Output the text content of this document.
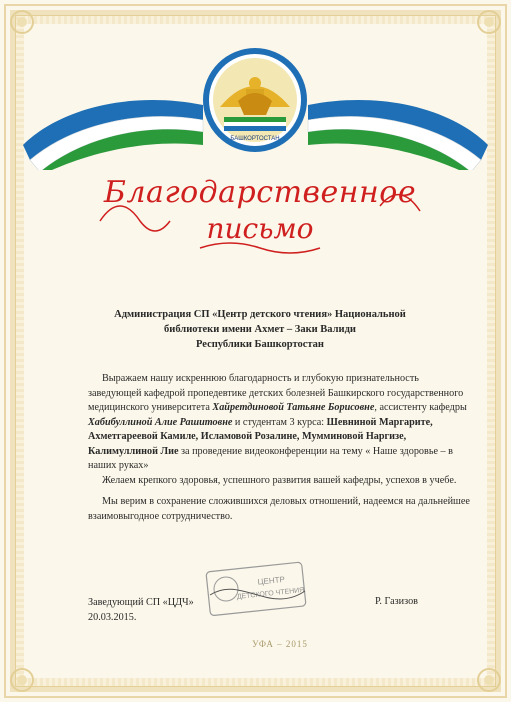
БАШКОРТОСТАН
Благодарственное
письмо
Администрация СП «Центр детского чтения» Национальной
библиотеки имени Ахмет – Заки Валиди
Республики Башкортостан

Выражаем нашу искреннюю благодарность и глубокую признательность заведующей кафедрой пропедевтике детских болезней Башкирского государственного медицинского университета Хайретдиновой Татьяне Борисовне, ассистенту кафедры Хабибуллиной Алие Рашитовне и студентам 3 курса: Шевниной Маргарите, Ахметгареевой Камиле, Исламовой Розалине, Мумминовой Наргизе, Калимуллиной Лие за проведение видеоконференции на тему « Наше здоровье – в наших руках»

Желаем крепкого здоровья, успешного развития вашей кафедры, успехов в учебе.

Мы верим в сохранение сложившихся деловых отношений, надеемся на дальнейшее взаимовыгодное сотрудничество.

ЦЕНТР
ДЕТСКОГО ЧТЕНИЯ
Заведующий СП «ЦДЧ»
20.03.2015.
Р. Газизов
УФА – 2015
